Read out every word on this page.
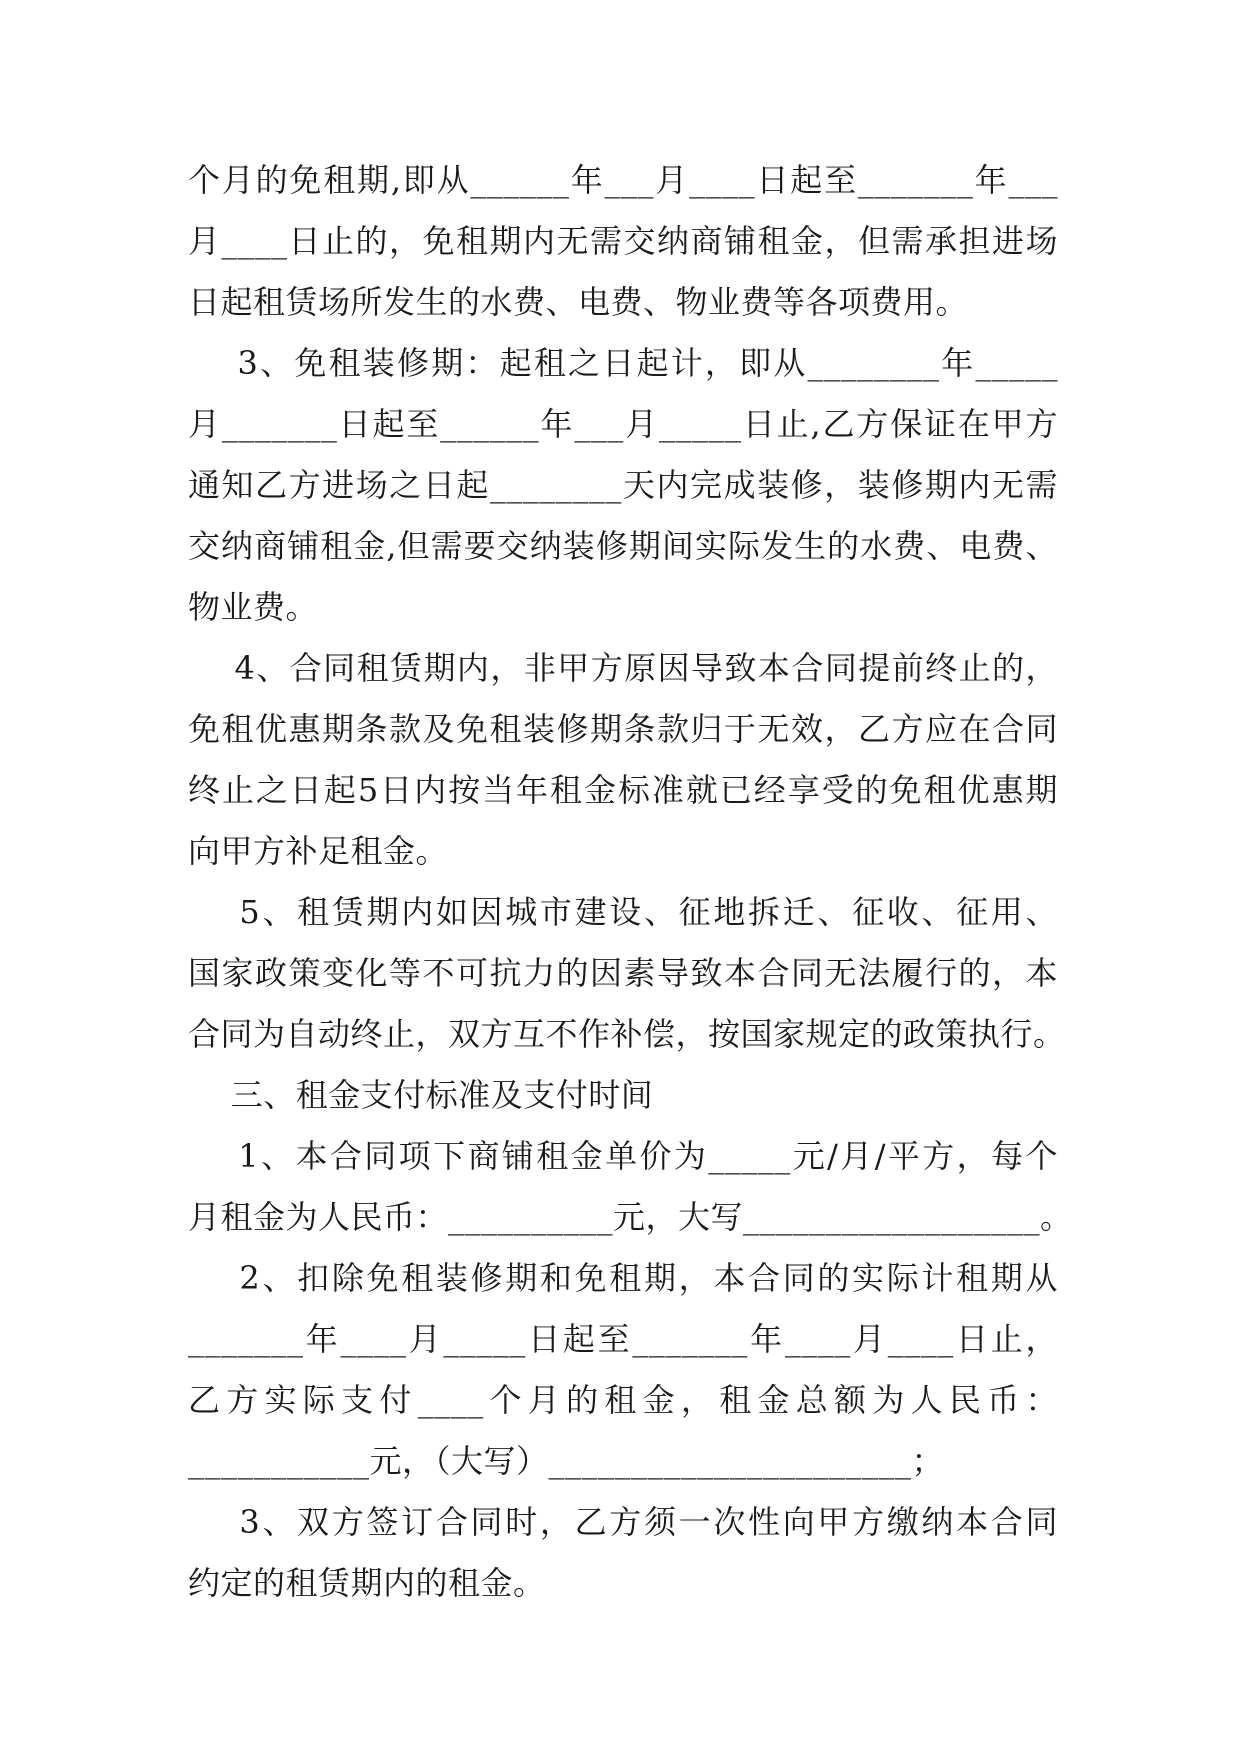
个月的免租期,即从______年___月____日起至_______年___
月____日止的，免租期内无需交纳商铺租金，但需承担进场
日起租赁场所发生的水费、电费、物业费等各项费用。
3、免租装修期：起租之日起计，即从________年_____
月_______日起至______年___月_____日止,乙方保证在甲方
通知乙方进场之日起________天内完成装修，装修期内无需
交纳商铺租金,但需要交纳装修期间实际发生的水费、电费、
物业费。
4、合同租赁期内，非甲方原因导致本合同提前终止的，
免租优惠期条款及免租装修期条款归于无效，乙方应在合同
终止之日起5日内按当年租金标准就已经享受的免租优惠期
向甲方补足租金。
5、租赁期内如因城市建设、征地拆迁、征收、征用、
国家政策变化等不可抗力的因素导致本合同无法履行的，本
合同为自动终止，双方互不作补偿，按国家规定的政策执行。
三、租金支付标准及支付时间
1、本合同项下商铺租金单价为_____元/月/平方，每个
月租金为人民币：__________元，大写__________________。
2、扣除免租装修期和免租期，本合同的实际计租期从
_______年____月_____日起至_______年____月____日止，
乙方实际支付____个月的租金，租金总额为人民币：
___________元，（大写）______________________；
3、双方签订合同时，乙方须一次性向甲方缴纳本合同
约定的租赁期内的租金。
